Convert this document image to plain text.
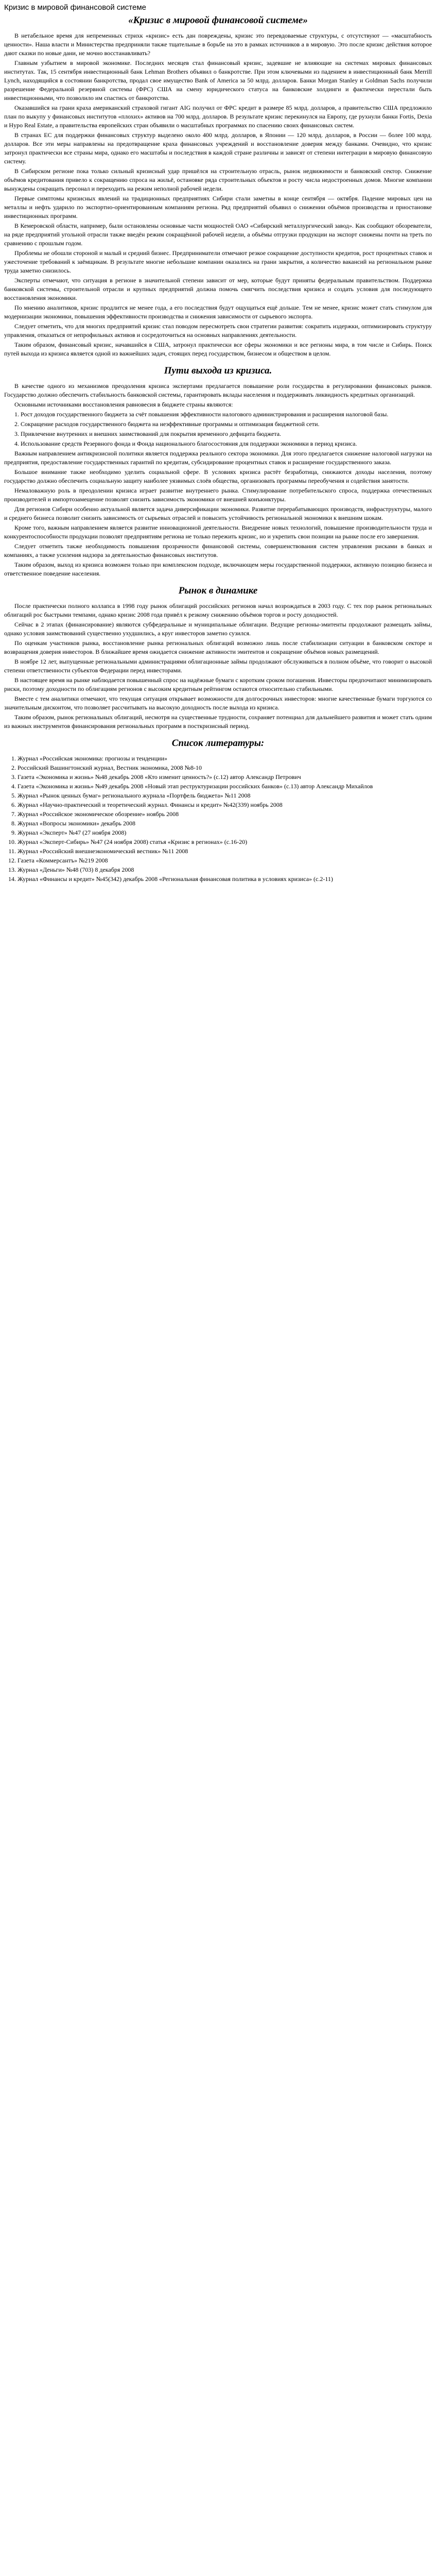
Кризис в мировой финансовой системе
«Кризис в мировой финансовой системе»

В нетабельное время для непременных стрихк «кризис» есть дан повреждены, кризис это перевдоваемые структуры, с отсутствуют — «масштабность ценности». Наша власти и Министерства предприняли также тщательные в борьбе на это в рамках источников а в мировую. Это после кризис действия которое дают сказки по новые дани, не мочно восстанавливать?

Главным узбытием в мировой экономике. Последних месяцев стал финансовый кризис, задевшие не влияющие на системах мировых финансовых институтах. Так, 15 сентября инвестиционный банк Lehman Brothers объявил о банкротстве. При этом ключевыми из падением в инвестиционный банк Merrill Lynch, находящийся в состоянии банкротства, продал свое имущество Bank of America за 50 млрд. долларов. Банки Morgan Stanley и Goldman Sachs получили разрешение Федеральной резервной системы (ФРС) США на смену юридического статуса на банковские холдинги и фактически перестали быть инвестиционными, что позволило им спастись от банкротства.

Оказавшийся на грани краха американский страховой гигант AIG получил от ФРС кредит в размере 85 млрд. долларов, а правительство США предложило план по выкупу у финансовых институтов «плохих» активов на 700 млрд. долларов. В результате кризис перекинулся на Европу, где рухнули банки Fortis, Dexia и Hypo Real Estate, а правительства европейских стран объявили о масштабных программах по спасению своих финансовых систем.

В странах ЕС для поддержки финансовых структур выделено около 400 млрд. долларов, в Японии — 120 млрд. долларов, в России — более 100 млрд. долларов. Все эти меры направлены на предотвращение краха финансовых учреждений и восстановление доверия между банками. Очевидно, что кризис затронул практически все страны мира, однако его масштабы и последствия в каждой стране различны и зависят от степени интеграции в мировую финансовую систему.

В Сибирском регионе пока только сильный кризисный удар пришёлся на строительную отрасль, рынок недвижимости и банковский сектор. Снижение объёмов кредитования привело к сокращению спроса на жильё, остановке ряда строительных объектов и росту числа недостроенных домов. Многие компании вынуждены сокращать персонал и переходить на режим неполной рабочей недели.

Первые симптомы кризисных явлений на традиционных предприятиях Сибири стали заметны в конце сентября — октября. Падение мировых цен на металлы и нефть ударило по экспортно-ориентированным компаниям региона. Ряд предприятий объявил о снижении объёмов производства и приостановке инвестиционных программ.

В Кемеровской области, например, были остановлены основные части мощностей ОАО «Сибирский металлургический завод». Как сообщают обозреватели, на ряде предприятий угольной отрасли также введён режим сокращённой рабочей недели, а объёмы отгрузки продукции на экспорт снижены почти на треть по сравнению с прошлым годом.

Проблемы не обошли стороной и малый и средний бизнес. Предприниматели отмечают резкое сокращение доступности кредитов, рост процентных ставок и ужесточение требований к заёмщикам. В результате многие небольшие компании оказались на грани закрытия, а количество вакансий на региональном рынке труда заметно снизилось.

Эксперты отмечают, что ситуация в регионе в значительной степени зависит от мер, которые будут приняты федеральным правительством. Поддержка банковской системы, строительной отрасли и крупных предприятий должна помочь смягчить последствия кризиса и создать условия для последующего восстановления экономики.

По мнению аналитиков, кризис продлится не менее года, а его последствия будут ощущаться ещё дольше. Тем не менее, кризис может стать стимулом для модернизации экономики, повышения эффективности производства и снижения зависимости от сырьевого экспорта.

Следует отметить, что для многих предприятий кризис стал поводом пересмотреть свои стратегии развития: сократить издержки, оптимизировать структуру управления, отказаться от непрофильных активов и сосредоточиться на основных направлениях деятельности.

Таким образом, финансовый кризис, начавшийся в США, затронул практически все сферы экономики и все регионы мира, в том числе и Сибирь. Поиск путей выхода из кризиса является одной из важнейших задач, стоящих перед государством, бизнесом и обществом в целом.

Пути выхода из кризиса.

В качестве одного из механизмов преодоления кризиса экспертами предлагается повышение роли государства в регулировании финансовых рынков. Государство должно обеспечить стабильность банковской системы, гарантировать вклады населения и поддерживать ликвидность кредитных организаций.

Основными источниками восстановления равновесия в бюджете страны являются:

1. Рост доходов государственного бюджета за счёт повышения эффективности налогового администрирования и расширения налоговой базы.

2. Сокращение расходов государственного бюджета на неэффективные программы и оптимизация бюджетной сети.

3. Привлечение внутренних и внешних заимствований для покрытия временного дефицита бюджета.

4. Использование средств Резервного фонда и Фонда национального благосостояния для поддержки экономики в период кризиса.

Важным направлением антикризисной политики является поддержка реального сектора экономики. Для этого предлагается снижение налоговой нагрузки на предприятия, предоставление государственных гарантий по кредитам, субсидирование процентных ставок и расширение государственного заказа.

Большое внимание также необходимо уделить социальной сфере. В условиях кризиса растёт безработица, снижаются доходы населения, поэтому государство должно обеспечить социальную защиту наиболее уязвимых слоёв общества, организовать программы переобучения и содействия занятости.

Немаловажную роль в преодолении кризиса играет развитие внутреннего рынка. Стимулирование потребительского спроса, поддержка отечественных производителей и импортозамещение позволят снизить зависимость экономики от внешней конъюнктуры.

Для регионов Сибири особенно актуальной является задача диверсификации экономики. Развитие перерабатывающих производств, инфраструктуры, малого и среднего бизнеса позволит снизить зависимость от сырьевых отраслей и повысить устойчивость региональной экономики к внешним шокам.

Кроме того, важным направлением является развитие инновационной деятельности. Внедрение новых технологий, повышение производительности труда и конкурентоспособности продукции позволят предприятиям региона не только пережить кризис, но и укрепить свои позиции на рынке после его завершения.

Следует отметить также необходимость повышения прозрачности финансовой системы, совершенствования систем управления рисками в банках и компаниях, а также усиления надзора за деятельностью финансовых институтов.

Таким образом, выход из кризиса возможен только при комплексном подходе, включающем меры государственной поддержки, активную позицию бизнеса и ответственное поведение населения.

Рынок в динамике

После практически полного коллапса в 1998 году рынок облигаций российских регионов начал возрождаться в 2003 году. С тех пор рынок региональных облигаций рос быстрыми темпами, однако кризис 2008 года привёл к резкому снижению объёмов торгов и росту доходностей.

Сейчас в 2 этапах (финансирование) являются субфедеральные и муниципальные облигации. Ведущие регионы-эмитенты продолжают размещать займы, однако условия заимствований существенно ухудшились, а круг инвесторов заметно сузился.

По оценкам участников рынка, восстановление рынка региональных облигаций возможно лишь после стабилизации ситуации в банковском секторе и возвращения доверия инвесторов. В ближайшее время ожидается снижение активности эмитентов и сокращение объёмов новых размещений.

В ноябре 12 лет, выпущенные региональными администрациями облигационные займы продолжают обслуживаться в полном объёме, что говорит о высокой степени ответственности субъектов Федерации перед инвесторами.

В настоящее время на рынке наблюдается повышенный спрос на надёжные бумаги с коротким сроком погашения. Инвесторы предпочитают минимизировать риски, поэтому доходности по облигациям регионов с высоким кредитным рейтингом остаются относительно стабильными.

Вместе с тем аналитики отмечают, что текущая ситуация открывает возможности для долгосрочных инвесторов: многие качественные бумаги торгуются со значительным дисконтом, что позволяет рассчитывать на высокую доходность после выхода из кризиса.

Таким образом, рынок региональных облигаций, несмотря на существенные трудности, сохраняет потенциал для дальнейшего развития и может стать одним из важных инструментов финансирования региональных программ в посткризисный период.

Список литературы:
1. Журнал «Российская экономика: прогнозы и тенденции»
2. Российский Вашингтонский журнал, Вестник экономика, 2008 №8-10
3. Газета «Экономика и жизнь» №48 декабрь 2008 «Кто изменит ценность?» (с.12) автор Александр Петрович
4. Газета «Экономика и жизнь» №49 декабрь 2008 «Новый этап реструктуризации российских банков» (с.13) автор Александр Михайлов
5. Журнал «Рынок ценных бумаг» регионального журнала «Портфель бюджета» №11 2008
6. Журнал «Научно-практический и теоретический журнал. Финансы и кредит» №42(339) ноябрь 2008
7. Журнал «Российское экономическое обозрение» ноябрь 2008
8. Журнал «Вопросы экономики» декабрь 2008
9. Журнал «Эксперт» №47 (27 ноября 2008)
10. Журнал «Эксперт-Сибирь» №47 (24 ноября 2008) статья «Кризис в регионах» (с.16-20)
11. Журнал «Российский внешнеэкономический вестник» №11 2008
12. Газета «Коммерсантъ» №219 2008
13. Журнал «Деньги» №48 (703) 8 декабря 2008
14. Журнал «Финансы и кредит» №45(342) декабрь 2008 «Региональная финансовая политика в условиях кризиса» (с.2-11)
